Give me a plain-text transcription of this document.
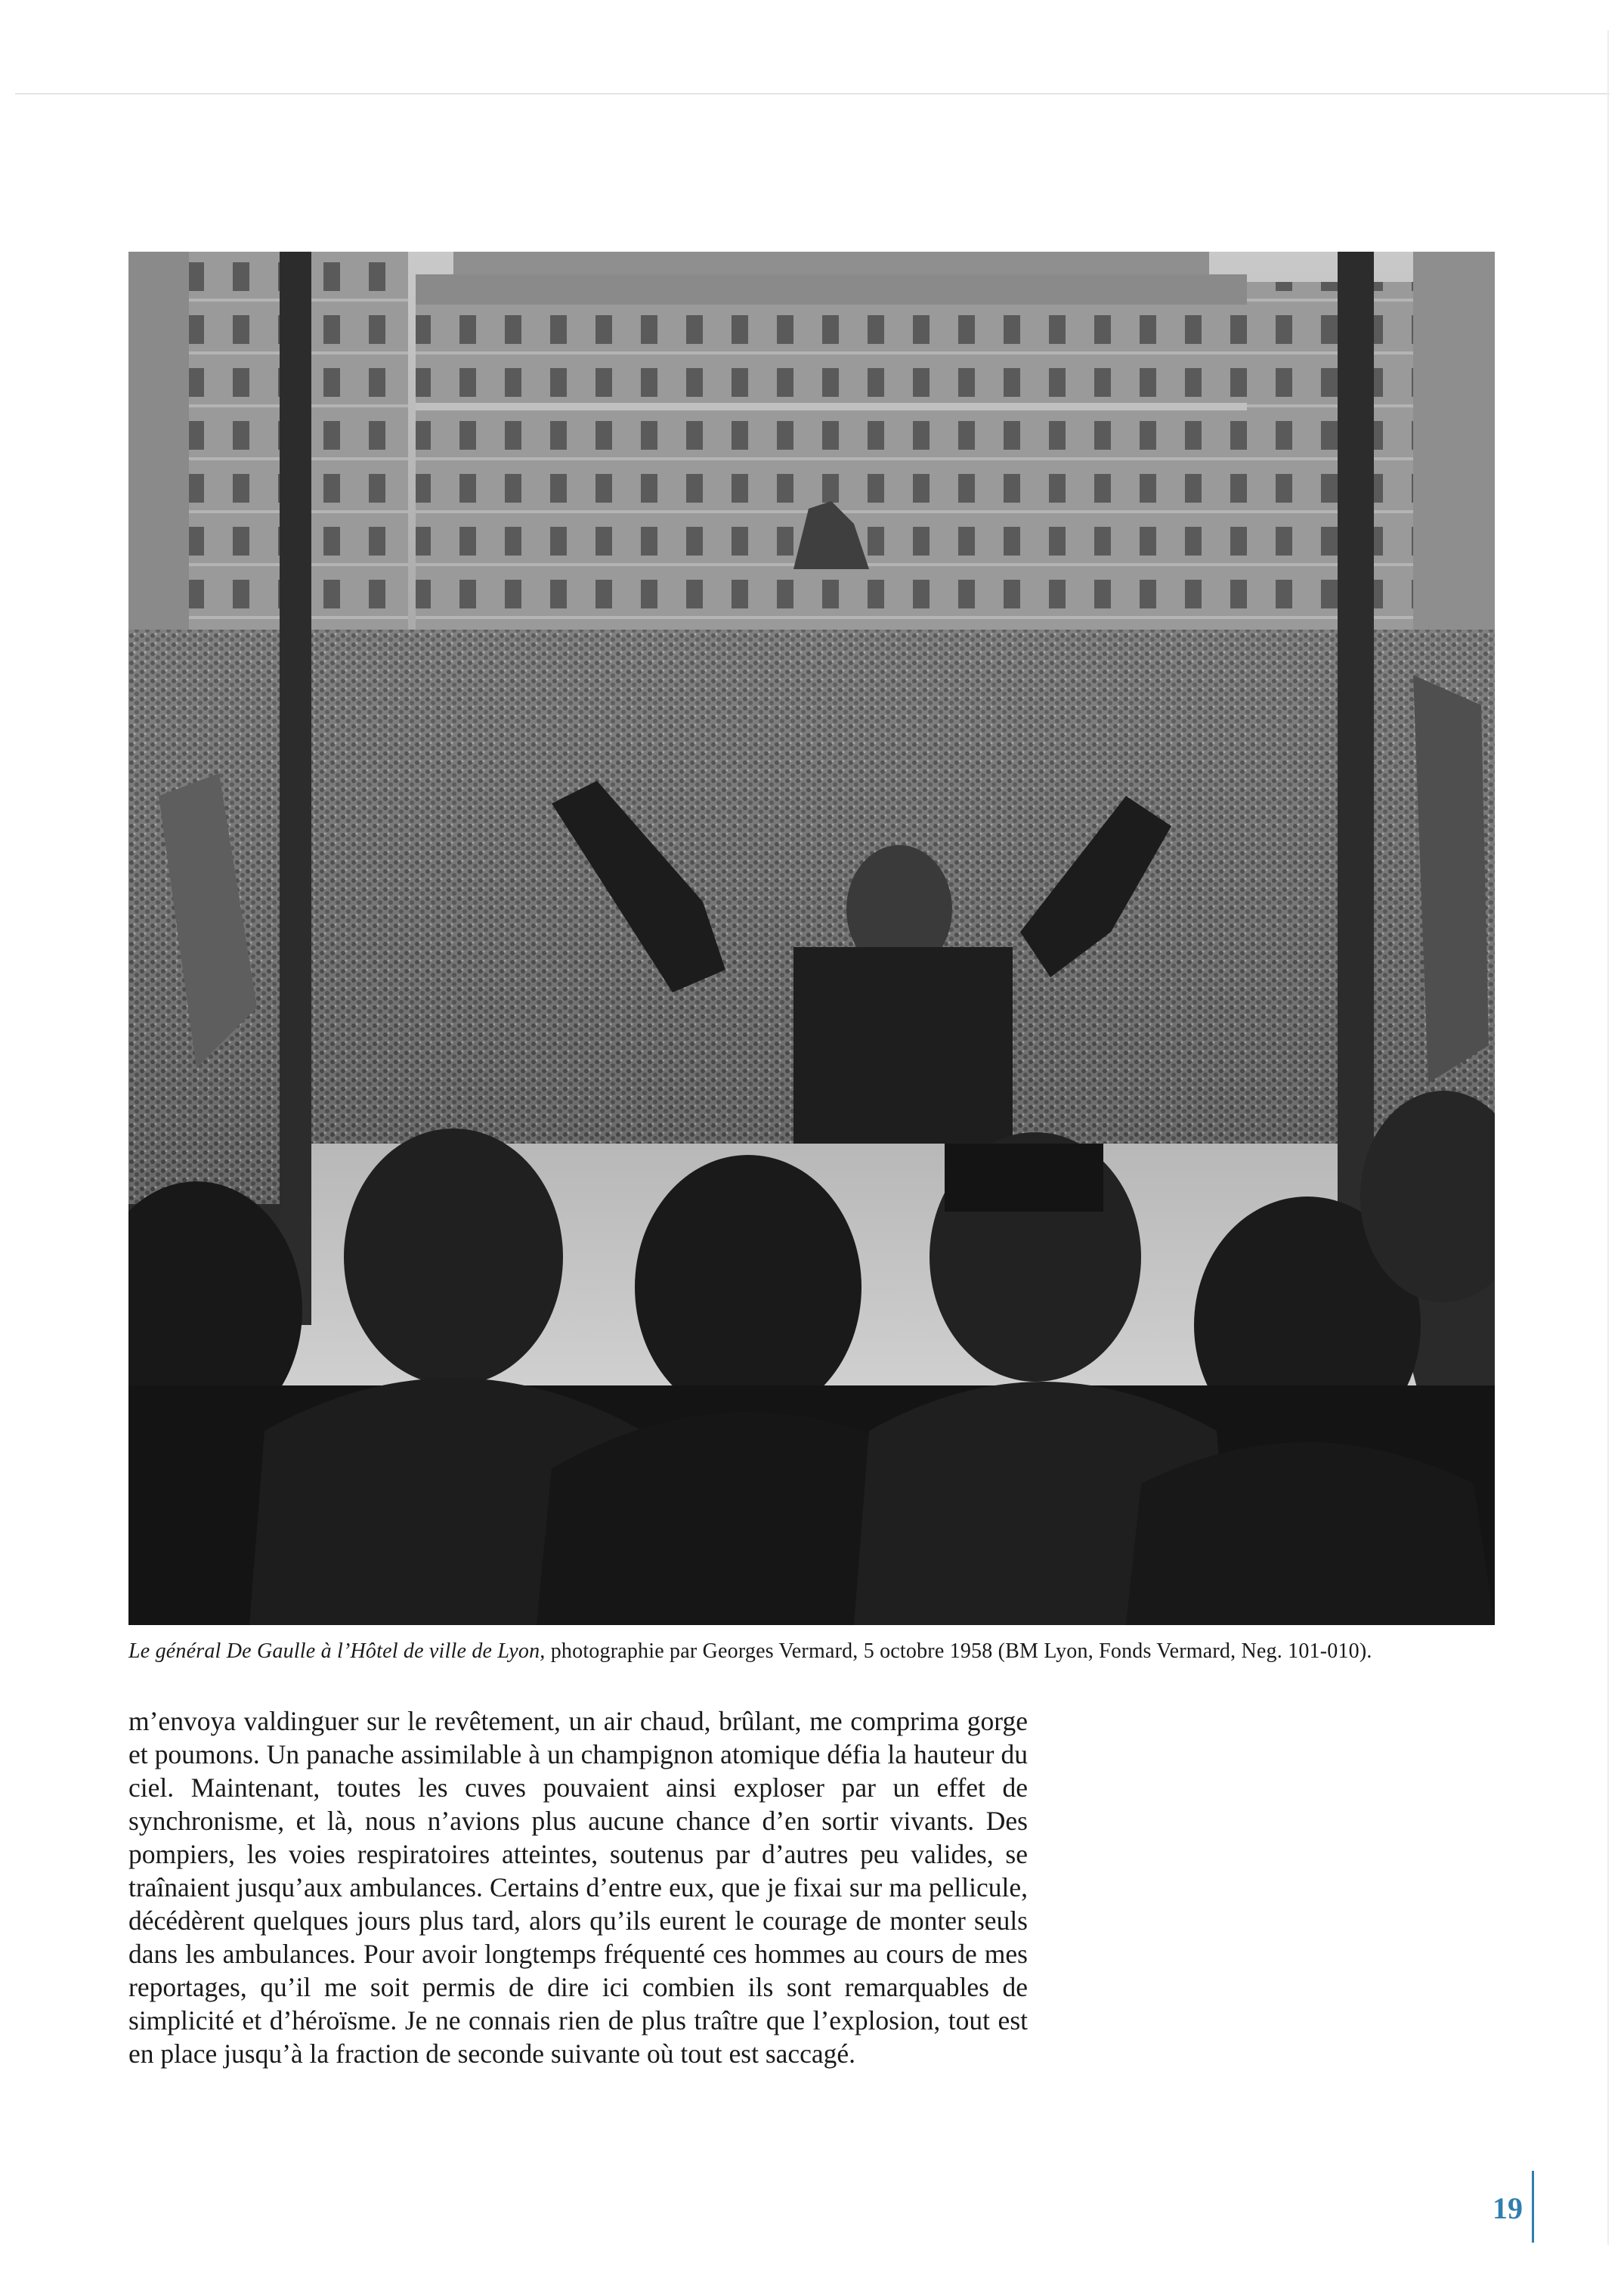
Le général De Gaulle à l’Hôtel de ville de Lyon, photographie par Georges Vermard, 5 octobre 1958 (BM Lyon, Fonds Vermard, Neg. 101-010).
m’envoya valdinguer sur le revêtement, un air chaud, brûlant, me comprima gorge et poumons. Un panache assimilable à un champignon atomique défia la hauteur du ciel. Maintenant, toutes les cuves pouvaient ainsi exploser par un effet de synchronisme, et là, nous n’avions plus aucune chance d’en sortir vivants. Des pompiers, les voies respiratoires atteintes, soutenus par d’autres peu valides, se traînaient jusqu’aux ambulances. Certains d’entre eux, que je fixai sur ma pellicule, décédèrent quelques jours plus tard, alors qu’ils eurent le courage de monter seuls dans les ambulances. Pour avoir longtemps fréquenté ces hommes au cours de mes reportages, qu’il me soit permis de dire ici combien ils sont remarquables de simplicité et d’héroïsme. Je ne connais rien de plus traître que l’explosion, tout est en place jusqu’à la fraction de seconde suivante où tout est saccagé.
19
